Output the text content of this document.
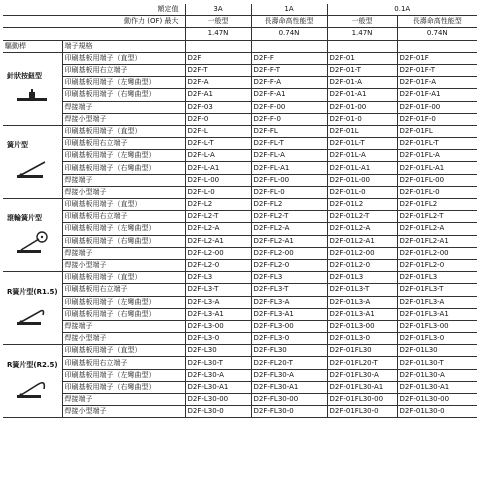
額定值		3A	1A	0.1A	
動作力 (OF) 最大		一般型	長壽命高性能型	一般型	長壽命高性能型
		1.47N	0.74N	1.47N	0.74N
驅動桿	端子規格				

針狀按鈕型	印刷基板用端子（直型）	D2F	D2F-F	D2F-01	D2F-01F
	印刷基板用右立端子	D2F-T	D2F-F-T	D2F-01-T	D2F-01F-T
	印刷基板用端子（左彎曲型）	D2F-A	D2F-F-A	D2F-01-A	D2F-01F-A
	印刷基板用端子（右彎曲型）	D2F-A1	D2F-F-A1	D2F-01-A1	D2F-01F-A1
	焊接端子	D2F-03	D2F-F-00	D2F-01-00	D2F-01F-00
	焊接小型端子	D2F-0	D2F-F-0	D2F-01-0	D2F-01F-0

簧片型	印刷基板用端子（直型）	D2F-L	D2F-FL	D2F-01L	D2F-01FL
	印刷基板用右立端子	D2F-L-T	D2F-FL-T	D2F-01L-T	D2F-01FL-T
	印刷基板用端子（左彎曲型）	D2F-L-A	D2F-FL-A	D2F-01L-A	D2F-01FL-A
	印刷基板用端子（右彎曲型）	D2F-L-A1	D2F-FL-A1	D2F-01L-A1	D2F-01FL-A1
	焊接端子	D2F-L-00	D2F-FL-00	D2F-01L-00	D2F-01FL-00
	焊接小型端子	D2F-L-0	D2F-FL-0	D2F-01L-0	D2F-01FL-0

滾輪簧片型	印刷基板用端子（直型）	D2F-L2	D2F-FL2	D2F-01L2	D2F-01FL2
	印刷基板用右立端子	D2F-L2-T	D2F-FL2-T	D2F-01L2-T	D2F-01FL2-T
	印刷基板用端子（左彎曲型）	D2F-L2-A	D2F-FL2-A	D2F-01L2-A	D2F-01FL2-A
	印刷基板用端子（右彎曲型）	D2F-L2-A1	D2F-FL2-A1	D2F-01L2-A1	D2F-01FL2-A1
	焊接端子	D2F-L2-00	D2F-FL2-00	D2F-01L2-00	D2F-01FL2-00
	焊接小型端子	D2F-L2-0	D2F-FL2-0	D2F-01L2-0	D2F-01FL2-0

R簧片型(R1.5)	印刷基板用端子（直型）	D2F-L3	D2F-FL3	D2F-01L3	D2F-01FL3
	印刷基板用右立端子	D2F-L3-T	D2F-FL3-T	D2F-01L3-T	D2F-01FL3-T
	印刷基板用端子（左彎曲型）	D2F-L3-A	D2F-FL3-A	D2F-01L3-A	D2F-01FL3-A
	印刷基板用端子（右彎曲型）	D2F-L3-A1	D2F-FL3-A1	D2F-01L3-A1	D2F-01FL3-A1
	焊接端子	D2F-L3-00	D2F-FL3-00	D2F-01L3-00	D2F-01FL3-00
	焊接小型端子	D2F-L3-0	D2F-FL3-0	D2F-01L3-0	D2F-01FL3-0

R簧片型(R2.5)	印刷基板用端子（直型）	D2F-L30	D2F-FL30	D2F-01FL30	D2F-01L30
	印刷基板用右立端子	D2F-L30-T	D2F-FL20-T	D2F-01FL20-T	D2F-01L30-T
	印刷基板用端子（左彎曲型）	D2F-L30-A	D2F-FL30-A	D2F-01FL30-A	D2F-01L30-A
	印刷基板用端子（右彎曲型）	D2F-L30-A1	D2F-FL30-A1	D2F-01FL30-A1	D2F-01L30-A1
	焊接端子	D2F-L30-00	D2F-FL30-00	D2F-01FL30-00	D2F-01L30-00
	焊接小型端子	D2F-L30-0	D2F-FL30-0	D2F-01FL30-0	D2F-01L30-0
